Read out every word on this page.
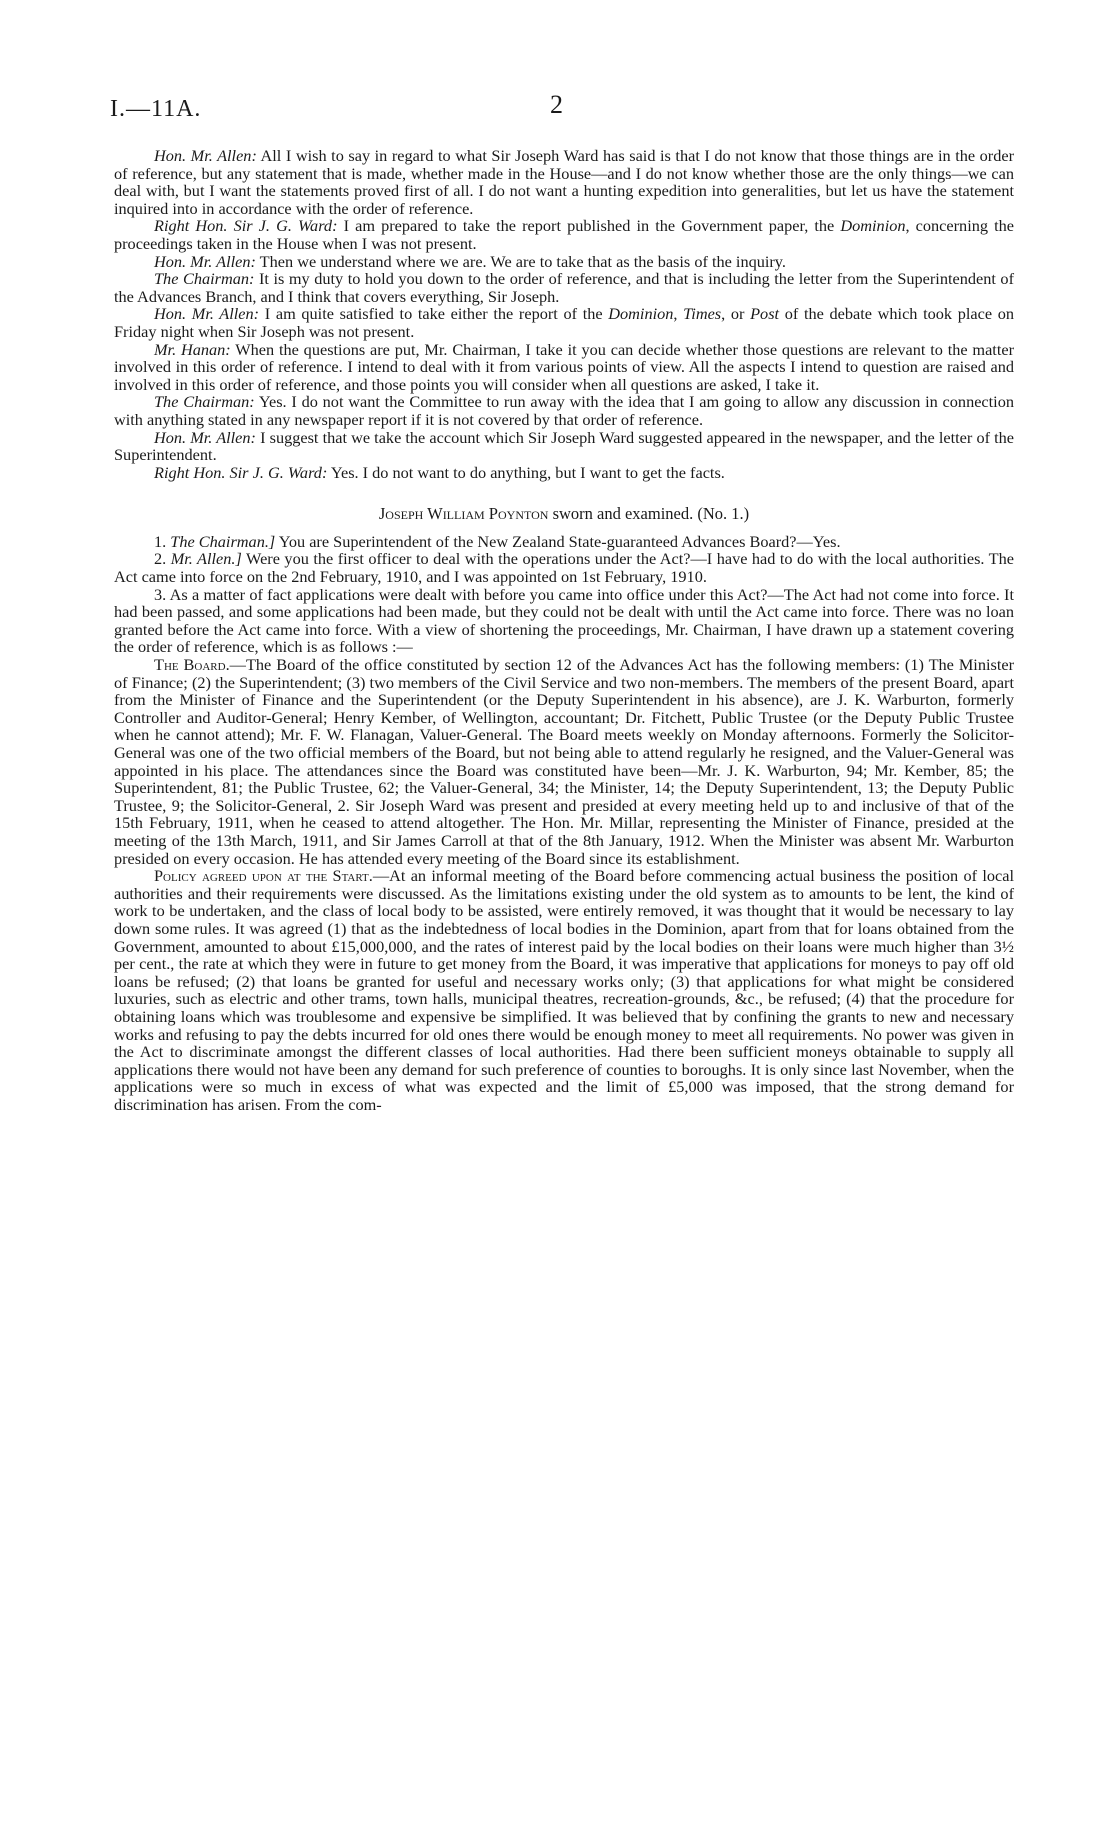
I.—11A.	2

Hon. Mr. Allen: All I wish to say in regard to what Sir Joseph Ward has said is that I do not know that those things are in the order of reference, but any statement that is made, whether made in the House—and I do not know whether those are the only things—we can deal with, but I want the statements proved first of all. I do not want a hunting expedition into generalities, but let us have the statement inquired into in accordance with the order of reference.

Right Hon. Sir J. G. Ward: I am prepared to take the report published in the Government paper, the Dominion, concerning the proceedings taken in the House when I was not present.

Hon. Mr. Allen: Then we understand where we are. We are to take that as the basis of the inquiry.

The Chairman: It is my duty to hold you down to the order of reference, and that is including the letter from the Superintendent of the Advances Branch, and I think that covers everything, Sir Joseph.

Hon. Mr. Allen: I am quite satisfied to take either the report of the Dominion, Times, or Post of the debate which took place on Friday night when Sir Joseph was not present.

Mr. Hanan: When the questions are put, Mr. Chairman, I take it you can decide whether those questions are relevant to the matter involved in this order of reference. I intend to deal with it from various points of view. All the aspects I intend to question are raised and involved in this order of reference, and those points you will consider when all questions are asked, I take it.

The Chairman: Yes. I do not want the Committee to run away with the idea that I am going to allow any discussion in connection with anything stated in any newspaper report if it is not covered by that order of reference.

Hon. Mr. Allen: I suggest that we take the account which Sir Joseph Ward suggested appeared in the newspaper, and the letter of the Superintendent.

Right Hon. Sir J. G. Ward: Yes. I do not want to do anything, but I want to get the facts.

Joseph William Poynton sworn and examined. (No. 1.)

1. The Chairman.] You are Superintendent of the New Zealand State-guaranteed Advances Board?—Yes.

2. Mr. Allen.] Were you the first officer to deal with the operations under the Act?—I have had to do with the local authorities. The Act came into force on the 2nd February, 1910, and I was appointed on 1st February, 1910.

3. As a matter of fact applications were dealt with before you came into office under this Act?—The Act had not come into force. It had been passed, and some applications had been made, but they could not be dealt with until the Act came into force. There was no loan granted before the Act came into force. With a view of shortening the proceedings, Mr. Chairman, I have drawn up a statement covering the order of reference, which is as follows :—

The Board.—The Board of the office constituted by section 12 of the Advances Act has the following members: (1) The Minister of Finance; (2) the Superintendent; (3) two members of the Civil Service and two non-members. The members of the present Board, apart from the Minister of Finance and the Superintendent (or the Deputy Superintendent in his absence), are J. K. Warburton, formerly Controller and Auditor-General; Henry Kember, of Wellington, accountant; Dr. Fitchett, Public Trustee (or the Deputy Public Trustee when he cannot attend); Mr. F. W. Flanagan, Valuer-General. The Board meets weekly on Monday afternoons. Formerly the Solicitor-General was one of the two official members of the Board, but not being able to attend regularly he resigned, and the Valuer-General was appointed in his place. The attendances since the Board was constituted have been—Mr. J. K. Warburton, 94; Mr. Kember, 85; the Superintendent, 81; the Public Trustee, 62; the Valuer-General, 34; the Minister, 14; the Deputy Superintendent, 13; the Deputy Public Trustee, 9; the Solicitor-General, 2. Sir Joseph Ward was present and presided at every meeting held up to and inclusive of that of the 15th February, 1911, when he ceased to attend altogether. The Hon. Mr. Millar, representing the Minister of Finance, presided at the meeting of the 13th March, 1911, and Sir James Carroll at that of the 8th January, 1912. When the Minister was absent Mr. Warburton presided on every occasion. He has attended every meeting of the Board since its establishment.

Policy agreed upon at the Start.—At an informal meeting of the Board before commencing actual business the position of local authorities and their requirements were discussed. As the limitations existing under the old system as to amounts to be lent, the kind of work to be undertaken, and the class of local body to be assisted, were entirely removed, it was thought that it would be necessary to lay down some rules. It was agreed (1) that as the indebtedness of local bodies in the Dominion, apart from that for loans obtained from the Government, amounted to about £15,000,000, and the rates of interest paid by the local bodies on their loans were much higher than 3½ per cent., the rate at which they were in future to get money from the Board, it was imperative that applications for moneys to pay off old loans be refused; (2) that loans be granted for useful and necessary works only; (3) that applications for what might be considered luxuries, such as electric and other trams, town halls, municipal theatres, recreation-grounds, &c., be refused; (4) that the procedure for obtaining loans which was troublesome and expensive be simplified. It was believed that by confining the grants to new and necessary works and refusing to pay the debts incurred for old ones there would be enough money to meet all requirements. No power was given in the Act to discriminate amongst the different classes of local authorities. Had there been sufficient moneys obtainable to supply all applications there would not have been any demand for such preference of counties to boroughs. It is only since last November, when the applications were so much in excess of what was expected and the limit of £5,000 was imposed, that the strong demand for discrimination has arisen. From the com-
